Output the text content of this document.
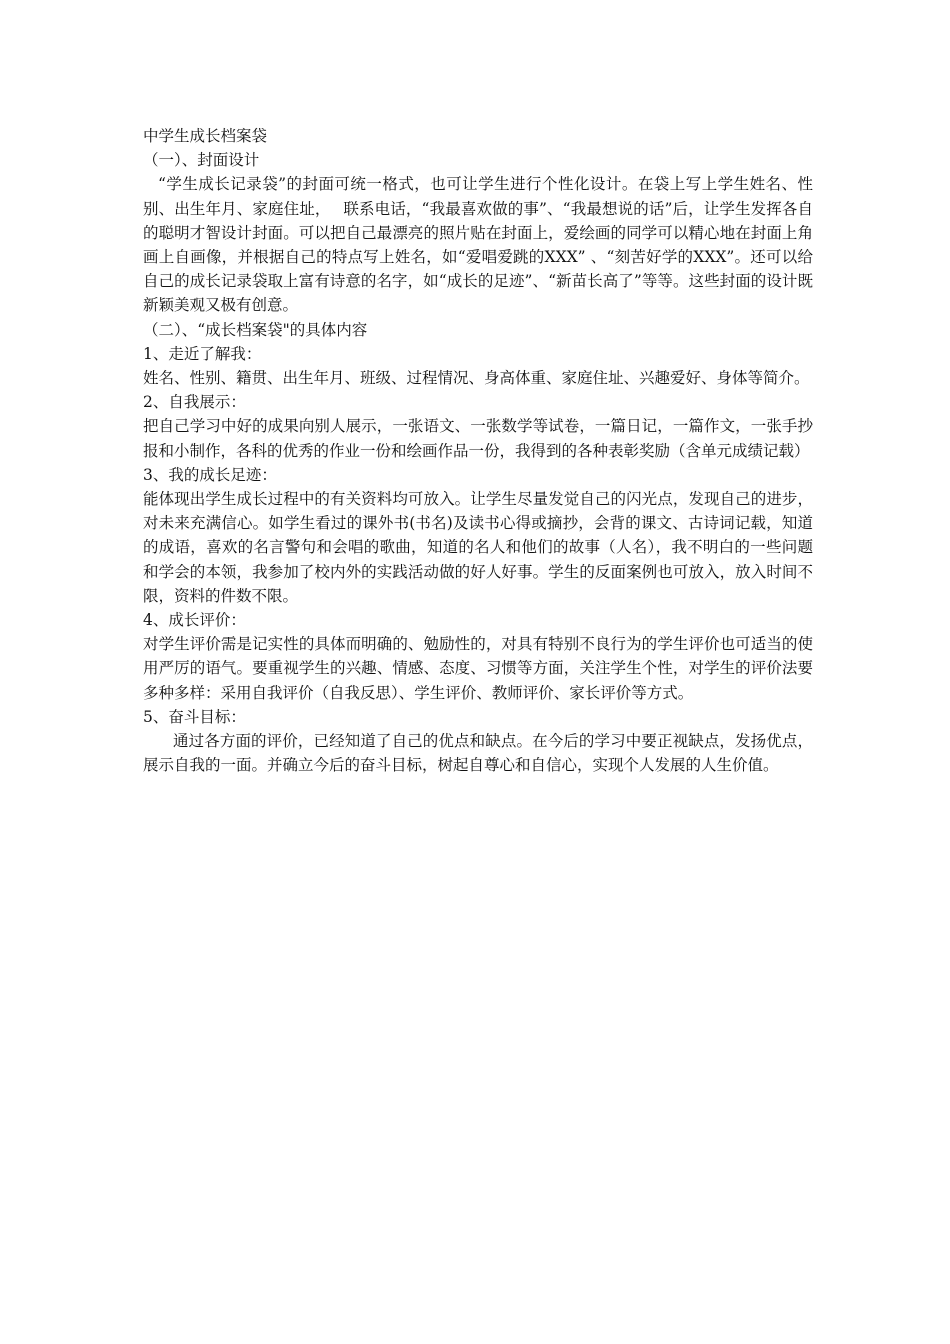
中学生成长档案袋

（一）、封面设计

“学生成长记录袋”的封面可统一格式，也可让学生进行个性化设计。在袋上写上学生姓名、性别、出生年月、家庭住址，　 联系电话，“我最喜欢做的事”、“我最想说的话”后，让学生发挥各自的聪明才智设计封面。可以把自己最漂亮的照片贴在封面上，爱绘画的同学可以精心地在封面上角画上自画像，并根据自己的特点写上姓名，如“爱唱爱跳的XXX” 、“刻苦好学的XXX”。还可以给自己的成长记录袋取上富有诗意的名字，如“成长的足迹”、“新苗长高了”等等。这些封面的设计既新颖美观又极有创意。

（二）、“成长档案袋"的具体内容

1、走近了解我：

姓名、性别、籍贯、出生年月、班级、过程情况、身高体重、家庭住址、兴趣爱好、身体等简介。

2、自我展示：

把自己学习中好的成果向别人展示，一张语文、一张数学等试卷，一篇日记，一篇作文，一张手抄报和小制作，各科的优秀的作业一份和绘画作品一份，我得到的各种表彰奖励（含单元成绩记载）

3、我的成长足迹：

能体现出学生成长过程中的有关资料均可放入。让学生尽量发觉自己的闪光点，发现自己的进步，对未来充满信心。如学生看过的课外书(书名)及读书心得或摘抄，会背的课文、古诗词记载，知道的成语，喜欢的名言警句和会唱的歌曲，知道的名人和他们的故事（人名），我不明白的一些问题和学会的本领，我参加了校内外的实践活动做的好人好事。学生的反面案例也可放入，放入时间不限，资料的件数不限。

4、成长评价：

对学生评价需是记实性的具体而明确的、勉励性的，对具有特别不良行为的学生评价也可适当的使用严厉的语气。要重视学生的兴趣、情感、态度、习惯等方面，关注学生个性，对学生的评价法要多种多样：采用自我评价（自我反思）、学生评价、教师评价、家长评价等方式。

5、奋斗目标：

通过各方面的评价，已经知道了自己的优点和缺点。在今后的学习中要正视缺点，发扬优点，展示自我的一面。并确立今后的奋斗目标，树起自尊心和自信心，实现个人发展的人生价值。
